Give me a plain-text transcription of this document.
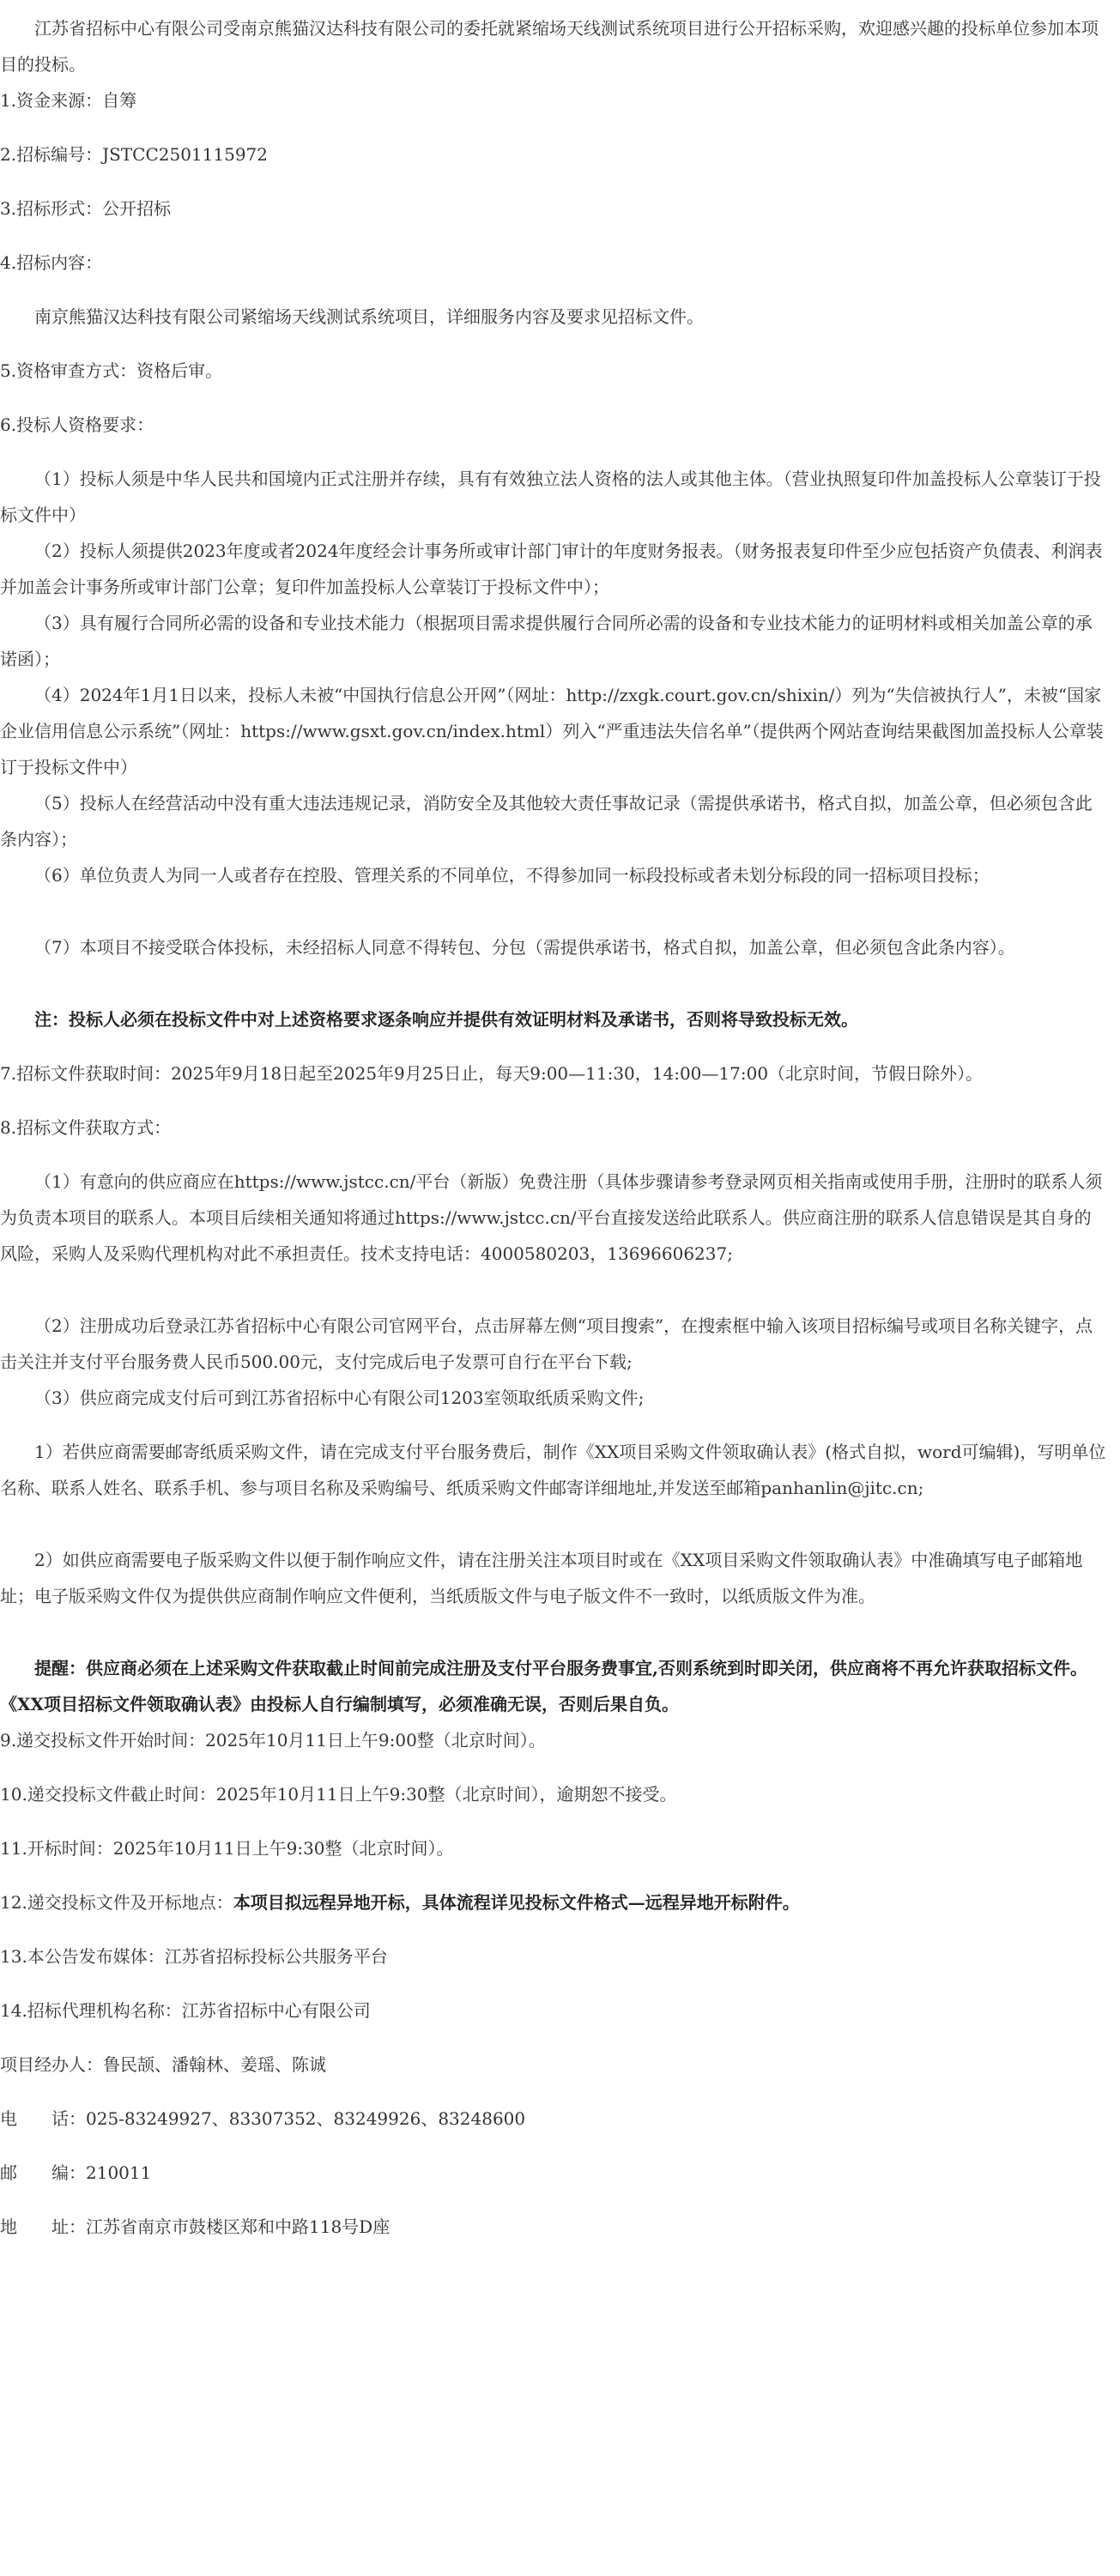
江苏省招标中心有限公司受南京熊猫汉达科技有限公司的委托就紧缩场天线测试系统项目进行公开招标采购，欢迎感兴趣的投标单位参加本项目的投标。

1.资金来源：自筹

2.招标编号：JSTCC2501115972

3.招标形式：公开招标

4.招标内容：

南京熊猫汉达科技有限公司紧缩场天线测试系统项目，详细服务内容及要求见招标文件。

5.资格审查方式：资格后审。

6.投标人资格要求：

（1）投标人须是中华人民共和国境内正式注册并存续，具有有效独立法人资格的法人或其他主体。（营业执照复印件加盖投标人公章装订于投标文件中）

（2）投标人须提供2023年度或者2024年度经会计事务所或审计部门审计的年度财务报表。（财务报表复印件至少应包括资产负债表、利润表并加盖会计事务所或审计部门公章；复印件加盖投标人公章装订于投标文件中）；

（3）具有履行合同所必需的设备和专业技术能力（根据项目需求提供履行合同所必需的设备和专业技术能力的证明材料或相关加盖公章的承诺函）；

（4）2024年1月1日以来，投标人未被“中国执行信息公开网”（网址：http://zxgk.court.gov.cn/shixin/）列为“失信被执行人”，未被“国家企业信用信息公示系统”（网址：https://www.gsxt.gov.cn/index.html）列入“严重违法失信名单”（提供两个网站查询结果截图加盖投标人公章装订于投标文件中）

（5）投标人在经营活动中没有重大违法违规记录，消防安全及其他较大责任事故记录（需提供承诺书，格式自拟，加盖公章，但必须包含此条内容）；

（6）单位负责人为同一人或者存在控股、管理关系的不同单位，不得参加同一标段投标或者未划分标段的同一招标项目投标；

（7）本项目不接受联合体投标，未经招标人同意不得转包、分包（需提供承诺书，格式自拟，加盖公章，但必须包含此条内容）。

注：投标人必须在投标文件中对上述资格要求逐条响应并提供有效证明材料及承诺书，否则将导致投标无效。

7.招标文件获取时间：2025年9月18日起至2025年9月25日止，每天9:00—11:30，14:00—17:00（北京时间，节假日除外）。

8.招标文件获取方式：

（1）有意向的供应商应在https://www.jstcc.cn/平台（新版）免费注册（具体步骤请参考登录网页相关指南或使用手册，注册时的联系人须为负责本项目的联系人。本项目后续相关通知将通过https://www.jstcc.cn/平台直接发送给此联系人。供应商注册的联系人信息错误是其自身的风险，采购人及采购代理机构对此不承担责任。技术支持电话：4000580203，13696606237;

（2）注册成功后登录江苏省招标中心有限公司官网平台，点击屏幕左侧“项目搜索”，在搜索框中输入该项目招标编号或项目名称关键字，点击关注并支付平台服务费人民币500.00元，支付完成后电子发票可自行在平台下载;

（3）供应商完成支付后可到江苏省招标中心有限公司1203室领取纸质采购文件;

1）若供应商需要邮寄纸质采购文件，请在完成支付平台服务费后，制作《XX项目采购文件领取确认表》(格式自拟，word可编辑)，写明单位名称、联系人姓名、联系手机、参与项目名称及采购编号、纸质采购文件邮寄详细地址,并发送至邮箱panhanlin@jitc.cn;

2）如供应商需要电子版采购文件以便于制作响应文件，请在注册关注本项目时或在《XX项目采购文件领取确认表》中准确填写电子邮箱地址；电子版采购文件仅为提供供应商制作响应文件便利，当纸质版文件与电子版文件不一致时，以纸质版文件为准。

提醒：供应商必须在上述采购文件获取截止时间前完成注册及支付平台服务费事宜,否则系统到时即关闭，供应商将不再允许获取招标文件。《XX项目招标文件领取确认表》由投标人自行编制填写，必须准确无误，否则后果自负。

9.递交投标文件开始时间：2025年10月11日上午9:00整（北京时间）。

10.递交投标文件截止时间：2025年10月11日上午9:30整（北京时间），逾期恕不接受。

11.开标时间：2025年10月11日上午9:30整（北京时间）。

12.递交投标文件及开标地点：本项目拟远程异地开标，具体流程详见投标文件格式—远程异地开标附件。

13.本公告发布媒体：江苏省招标投标公共服务平台

14.招标代理机构名称：江苏省招标中心有限公司

项目经办人：鲁民颉、潘翰林、姜瑶、陈诚

电　　话：025-83249927、83307352、83249926、83248600

邮　　编：210011

地　　址：江苏省南京市鼓楼区郑和中路118号D座
